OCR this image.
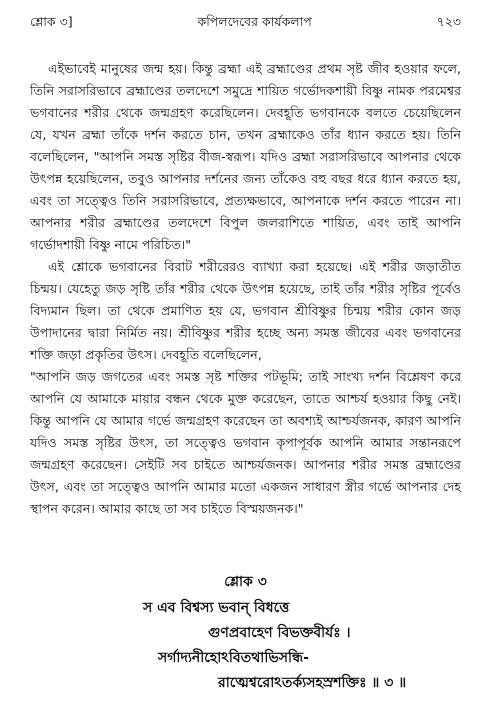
শ্লোক ৩]	কপিলদেবের কার্যকলাপ	৭২৩

এইভাবেই মানুষের জন্ম হয়। কিন্তু ব্রহ্মা এই ব্রহ্মাণ্ডের প্রথম সৃষ্ট জীব হওয়ার ফলে, তিনি সরাসরিভাবে ব্রহ্মাণ্ডের তলদেশে সমুদ্রে শায়িত গর্ভোদকশায়ী বিষ্ণু নামক পরমেশ্বর ভগবানের শরীর থেকে জন্মগ্রহণ করেছিলেন। দেবহূতি ভগবানকে বলতে চেয়েছিলেন যে, যখন ব্রহ্মা তাঁকে দর্শন করতে চান, তখন ব্রহ্মাকেও তাঁর ধ্যান করতে হয়। তিনি বলেছিলেন, "আপনি সমস্ত সৃষ্টির বীজ-স্বরূপ। যদিও ব্রহ্মা সরাসরিভাবে আপনার থেকে উৎপন্ন হয়েছিলেন, তবুও আপনার দর্শনের জন্য তাঁকেও বহু বছর ধরে ধ্যান করতে হয়, এবং তা সত্ত্বেও তিনি সরাসরিভাবে, প্রত্যক্ষভাবে, আপনাকে দর্শন করতে পারেন না। আপনার শরীর ব্রহ্মাণ্ডের তলদেশে বিপুল জলরাশিতে শায়িত, এবং তাই আপনি গর্ভোদশায়ী বিষ্ণু নামে পরিচিত।"

এই শ্লোকে ভগবানের বিরাট শরীরেরও ব্যাখ্যা করা হয়েছে। এই শরীর জড়াতীত চিন্ময়। যেহেতু জড় সৃষ্টি তাঁর শরীর থেকে উৎপন্ন হয়েছে, তাই তাঁর শরীর সৃষ্টির পূর্বেও বিদ্যমান ছিল। তা থেকে প্রমাণিত হয় যে, ভগবান শ্রীবিষ্ণুর চিন্ময় শরীর কোন জড় উপাদানের দ্বারা নির্মিত নয়। শ্রীবিষ্ণুর শরীর হচ্ছে অন্য সমস্ত জীবের এবং ভগবানের শক্তি জড়া প্রকৃতির উৎস। দেবহূতি বলেছিলেন,

"আপনি জড় জগতের এবং সমস্ত সৃষ্ট শক্তির পটভূমি; তাই সাংখ্য দর্শন বিশ্লেষণ করে আপনি যে আমাকে মায়ার বন্ধন থেকে মুক্ত করেছেন, তাতে আশ্চর্য হওয়ার কিছু নেই। কিন্তু আপনি যে আমার গর্ভে জন্মগ্রহণ করেছেন তা অবশ্যই আশ্চর্যজনক, কারণ আপনি যদিও সমস্ত সৃষ্টির উৎস, তা সত্ত্বেও ভগবান কৃপাপূর্বক আপনি আমার সন্তানরূপে জন্মগ্রহণ করেছেন। সেইটি সব চাইতে আশ্চর্যজনক। আপনার শরীর সমস্ত ব্রহ্মাণ্ডের উৎস, এবং তা সত্ত্বেও আপনি আমার মতো একজন সাধারণ স্ত্রীর গর্ভে আপনার দেহ স্থাপন করেন। আমার কাছে তা সব চাইতে বিস্ময়জনক।"

শ্লোক ৩
স এব বিশ্বস্য ভবান্ বিধত্তে
গুণপ্রবাহেণ বিভক্তবীর্যঃ ।
সর্গাদ্যনীহোঽবিতথাভিসন্ধি-
রাত্মেশ্বরোঽতর্ক্যসহস্রশক্তিঃ ॥ ৩ ॥
